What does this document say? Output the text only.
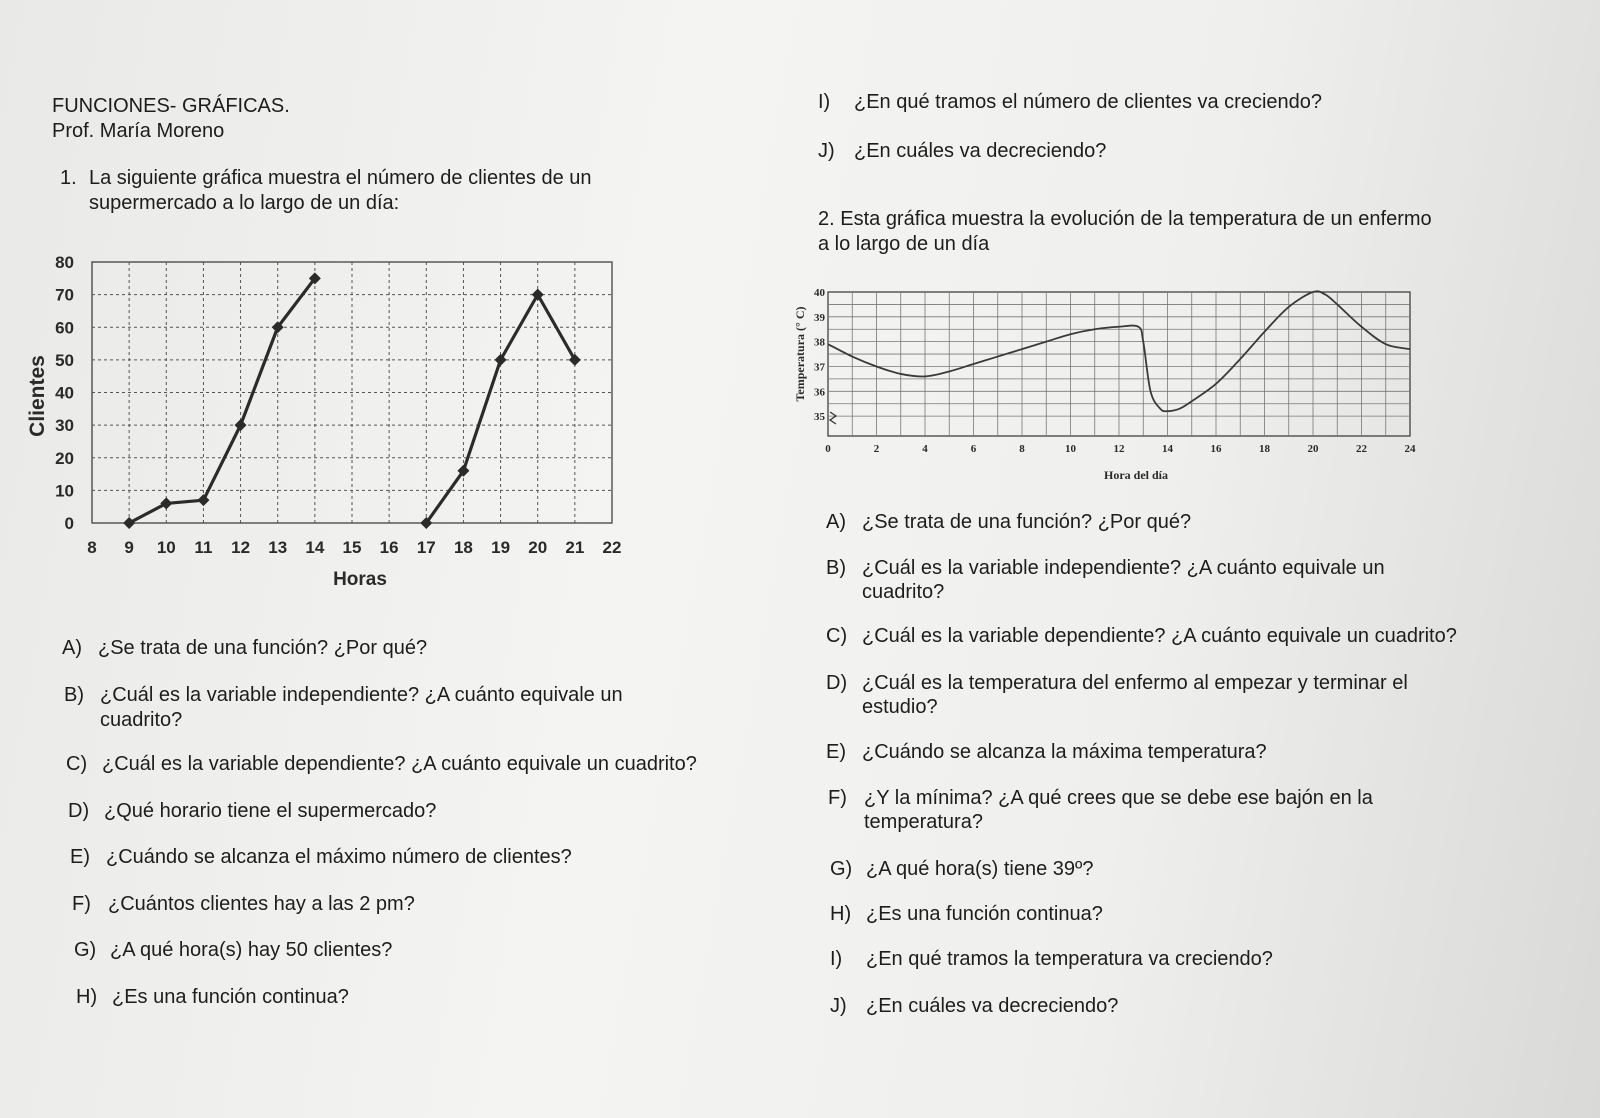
FUNCIONES- GRÁFICAS.
Prof. María Moreno
1. La siguiente gráfica muestra el número de clientes de un
supermercado a lo largo de un día:
8 9 10 11 12 13 14 15 16 17 18 19 20 21 22
0
10
20
30
40
50
60
70
80
Horas
Clientes
A) ¿Se trata de una función? ¿Por qué?
B) ¿Cuál es la variable independiente? ¿A cuánto equivale un
cuadrito?
C) ¿Cuál es la variable dependiente? ¿A cuánto equivale un cuadrito?
D) ¿Qué horario tiene el supermercado?
E) ¿Cuándo se alcanza el máximo número de clientes?
F) ¿Cuántos clientes hay a las 2 pm?
G) ¿A qué hora(s) hay 50 clientes?
H) ¿Es una función continua?
I) ¿En qué tramos el número de clientes va creciendo?
J) ¿En cuáles va decreciendo?
2. Esta gráfica muestra la evolución de la temperatura de un enfermo
a lo largo de un día
0	2	4	6	8	10	12	14	16	18	20	22	24
35
36
37
38
39
40
Hora del día
Temperatura (° C)
A) ¿Se trata de una función? ¿Por qué?
B) ¿Cuál es la variable independiente? ¿A cuánto equivale un
cuadrito?
C) ¿Cuál es la variable dependiente? ¿A cuánto equivale un cuadrito?
D) ¿Cuál es la temperatura del enfermo al empezar y terminar el
estudio?
E) ¿Cuándo se alcanza la máxima temperatura?
F) ¿Y la mínima? ¿A qué crees que se debe ese bajón en la
temperatura?
G) ¿A qué hora(s) tiene 39º?
H) ¿Es una función continua?
I) ¿En qué tramos la temperatura va creciendo?
J) ¿En cuáles va decreciendo?
